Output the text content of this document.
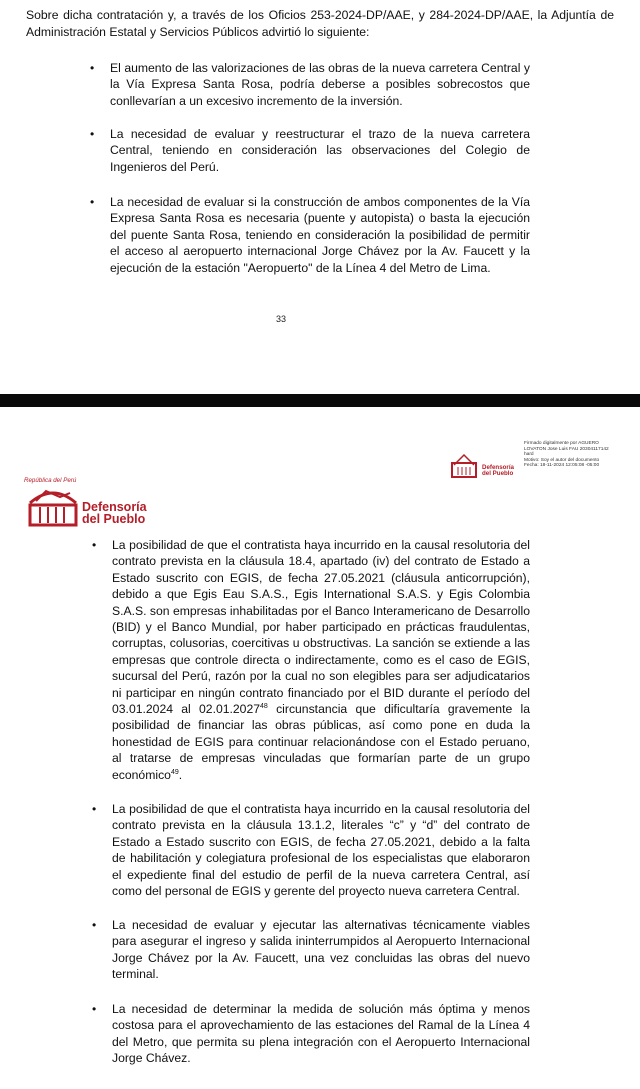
Sobre dicha contratación y, a través de los Oficios 253-2024-DP/AAE, y 284-2024-DP/AAE, la Adjuntía de Administración Estatal y Servicios Públicos advirtió lo siguiente:
• El aumento de las valorizaciones de las obras de la nueva carretera Central y la Vía Expresa Santa Rosa, podría deberse a posibles sobrecostos que conllevarían a un excesivo incremento de la inversión.
• La necesidad de evaluar y reestructurar el trazo de la nueva carretera Central, teniendo en consideración las observaciones del Colegio de Ingenieros del Perú.
• La necesidad de evaluar si la construcción de ambos componentes de la Vía Expresa Santa Rosa es necesaria (puente y autopista) o basta la ejecución del puente Santa Rosa, teniendo en consideración la posibilidad de permitir el acceso al aeropuerto internacional Jorge Chávez por la Av. Faucett y la ejecución de la estación "Aeropuerto" de la Línea 4 del Metro de Lima.
33
Defensoría
del Pueblo
Firmado digitalmente por AGUERO
LOVATON Jose Luis FAU 20304117142
hard
Motivo: Soy el autor del documento
Fecha: 18-11-2024 12:05:08 -05:00
República del Perú
Defensoría
del Pueblo
• La posibilidad de que el contratista haya incurrido en la causal resolutoria del contrato prevista en la cláusula 18.4, apartado (iv) del contrato de Estado a Estado suscrito con EGIS, de fecha 27.05.2021 (cláusula anticorrupción), debido a que Egis Eau S.A.S., Egis International S.A.S. y Egis Colombia S.A.S. son empresas inhabilitadas por el Banco Interamericano de Desarrollo (BID) y el Banco Mundial, por haber participado en prácticas fraudulentas, corruptas, colusorias, coercitivas u obstructivas. La sanción se extiende a las empresas que controle directa o indirectamente, como es el caso de EGIS, sucursal del Perú, razón por la cual no son elegibles para ser adjudicatarios ni participar en ningún contrato financiado por el BID durante el período del 03.01.2024 al 02.01.2027$^{48}$ circunstancia que dificultaría gravemente la posibilidad de financiar las obras públicas, así como pone en duda la honestidad de EGIS para continuar relacionándose con el Estado peruano, al tratarse de empresas vinculadas que formarían parte de un grupo económico$^{49}$.
• La posibilidad de que el contratista haya incurrido en la causal resolutoria del contrato prevista en la cláusula 13.1.2, literales “c” y “d” del contrato de Estado a Estado suscrito con EGIS, de fecha 27.05.2021, debido a la falta de habilitación y colegiatura profesional de los especialistas que elaboraron el expediente final del estudio de perfil de la nueva carretera Central, así como del personal de EGIS y gerente del proyecto nueva carretera Central.
• La necesidad de evaluar y ejecutar las alternativas técnicamente viables para asegurar el ingreso y salida ininterrumpidos al Aeropuerto Internacional Jorge Chávez por la Av. Faucett, una vez concluidas las obras del nuevo terminal.
• La necesidad de determinar la medida de solución más óptima y menos costosa para el aprovechamiento de las estaciones del Ramal de la Línea 4 del Metro, que permita su plena integración con el Aeropuerto Internacional Jorge Chávez.
